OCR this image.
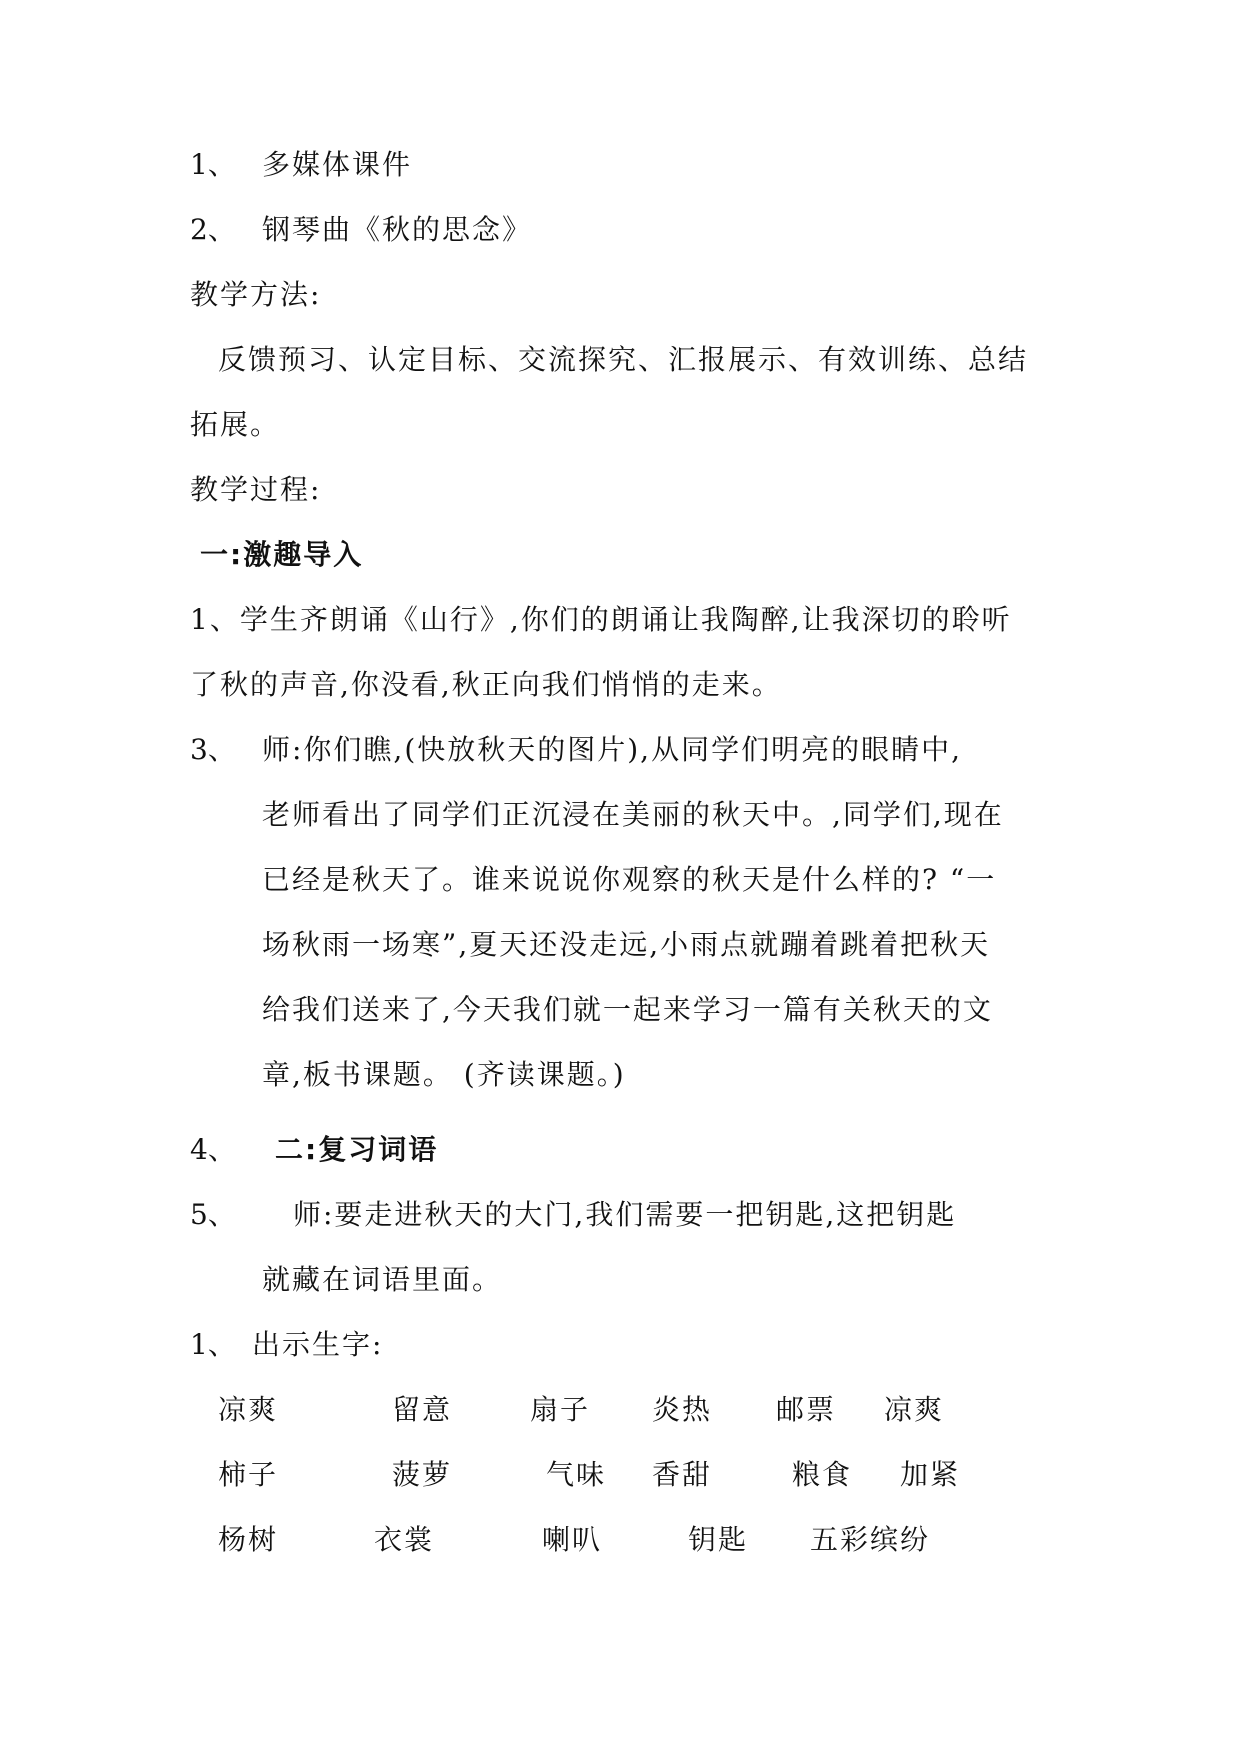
1、 多媒体课件
2、 钢琴曲《秋的思念》
教学方法:
反馈预习、认定目标、交流探究、汇报展示、有效训练、总结
拓展。
教学过程:
一:激趣导入
1、学生齐朗诵《山行》,你们的朗诵让我陶醉,让我深切的聆听
了秋的声音,你没看,秋正向我们悄悄的走来。
3、 师:你们瞧,(快放秋天的图片),从同学们明亮的眼睛中,
老师看出了同学们正沉浸在美丽的秋天中。,同学们,现在
已经是秋天了。谁来说说你观察的秋天是什么样的? “一
场秋雨一场寒”,夏天还没走远,小雨点就蹦着跳着把秋天
给我们送来了,今天我们就一起来学习一篇有关秋天的文
章,板书课题。 (齐读课题。)
4、 二:复习词语
5、 师:要走进秋天的大门,我们需要一把钥匙,这把钥匙
就藏在词语里面。
1、 出示生字:
凉爽	留意	扇子 炎热 邮票 凉爽
柿子	菠萝	气味 香甜	粮食 加紧
杨树	衣裳	喇叭	钥匙 五彩缤纷
